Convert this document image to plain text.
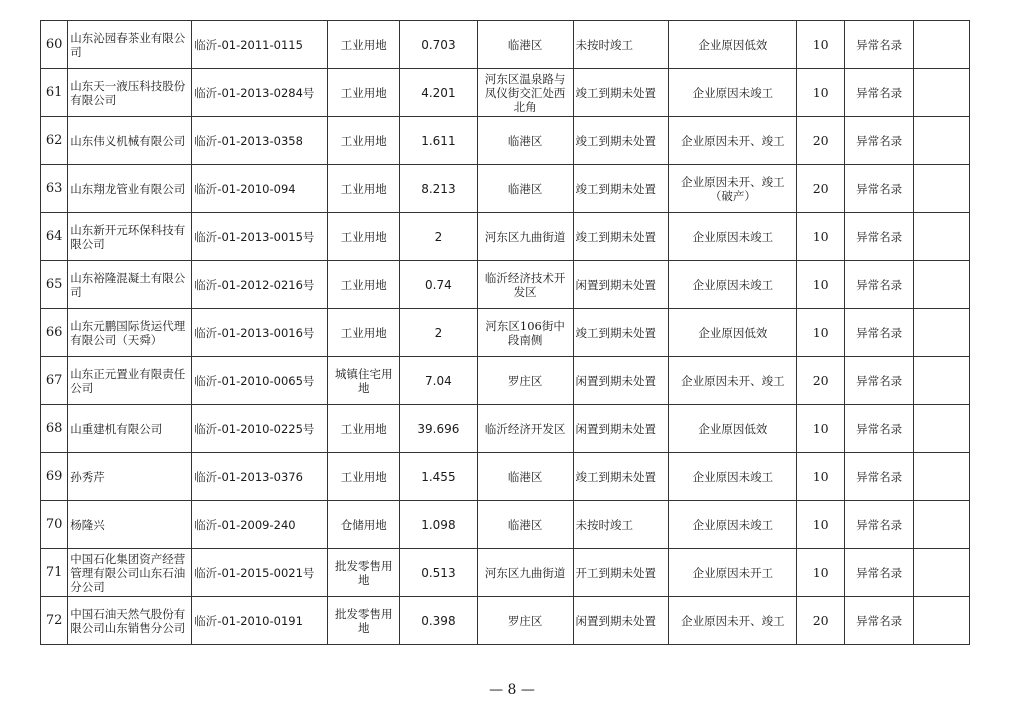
60	山东沁园春茶业有限公司	临沂-01-2011-0115	工业用地	0.703	临港区	未按时竣工	企业原因低效	10	异常名录	
61	山东天一液压科技股份有限公司	临沂-01-2013-0284号	工业用地	4.201	河东区温泉路与凤仪街交汇处西北角	竣工到期未处置	企业原因未竣工	10	异常名录	
62	山东伟义机械有限公司	临沂-01-2013-0358	工业用地	1.611	临港区	竣工到期未处置	企业原因未开、竣工	20	异常名录	
63	山东翔龙管业有限公司	临沂-01-2010-094	工业用地	8.213	临港区	竣工到期未处置	企业原因未开、竣工（破产）	20	异常名录	
64	山东新开元环保科技有限公司	临沂-01-2013-0015号	工业用地	2	河东区九曲街道	竣工到期未处置	企业原因未竣工	10	异常名录	
65	山东裕隆混凝土有限公司	临沂-01-2012-0216号	工业用地	0.74	临沂经济技术开发区	闲置到期未处置	企业原因未竣工	10	异常名录	
66	山东元鹏国际货运代理有限公司（天舜）	临沂-01-2013-0016号	工业用地	2	河东区106街中段南侧	竣工到期未处置	企业原因低效	10	异常名录	
67	山东正元置业有限责任公司	临沂-01-2010-0065号	城镇住宅用地	7.04	罗庄区	闲置到期未处置	企业原因未开、竣工	20	异常名录	
68	山重建机有限公司	临沂-01-2010-0225号	工业用地	39.696	临沂经济开发区	闲置到期未处置	企业原因低效	10	异常名录	
69	孙秀芹	临沂-01-2013-0376	工业用地	1.455	临港区	竣工到期未处置	企业原因未竣工	10	异常名录	
70	杨隆兴	临沂-01-2009-240	仓储用地	1.098	临港区	未按时竣工	企业原因未竣工	10	异常名录	
71	中国石化集团资产经营管理有限公司山东石油分公司	临沂-01-2015-0021号	批发零售用地	0.513	河东区九曲街道	开工到期未处置	企业原因未开工	10	异常名录	
72	中国石油天然气股份有限公司山东销售分公司	临沂-01-2010-0191	批发零售用地	0.398	罗庄区	闲置到期未处置	企业原因未开、竣工	20	异常名录	
— 8 —
